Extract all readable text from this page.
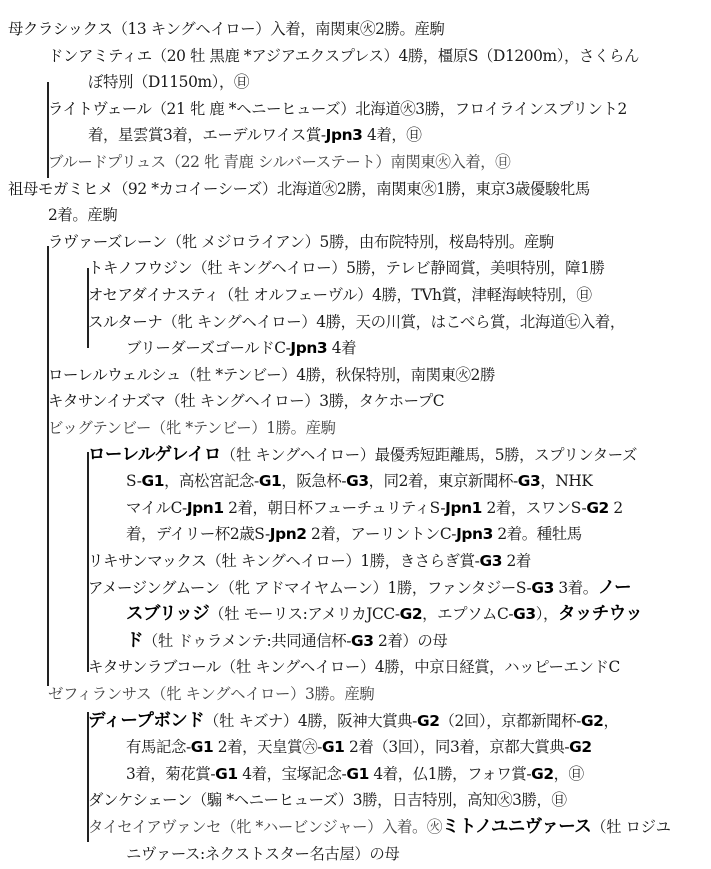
母クラシックス（13 キングヘイロー）入着，南関東㊋2勝。産駒
ドンアミティエ（20 牡 黒鹿 *アジアエクスプレス）4勝，橿原S（D1200m），さくらん
ぼ特別（D1150m），㊐
ライトヴェール（21 牝 鹿 *ヘニーヒューズ）北海道㊋3勝，フロイラインスプリント2
着，星雲賞3着，エーデルワイス賞-Jpn3 4着，㊐
ブルードプリュス（22 牝 青鹿 シルバーステート）南関東㊋入着，㊐
祖母モガミヒメ（92 *カコイーシーズ）北海道㊋2勝，南関東㊋1勝，東京3歳優駿牝馬
2着。産駒
ラヴァーズレーン（牝 メジロライアン）5勝，由布院特別，桜島特別。産駒
トキノフウジン（牡 キングヘイロー）5勝，テレビ静岡賞，美唄特別，障1勝
オセアダイナスティ（牡 オルフェーヴル）4勝，TVh賞，津軽海峡特別，㊐
スルターナ（牝 キングヘイロー）4勝，天の川賞，はこべら賞，北海道㊆入着，
ブリーダーズゴールドC-Jpn3 4着
ローレルウェルシュ（牡 *テンビー）4勝，秋保特別，南関東㊋2勝
キタサンイナズマ（牡 キングヘイロー）3勝，タケホープC
ビッグテンビー（牝 *テンビー）1勝。産駒
ローレルゲレイロ（牡 キングヘイロー）最優秀短距離馬，5勝，スプリンターズ
S-G1，高松宮記念-G1，阪急杯-G3，同2着，東京新聞杯-G3，NHK
マイルC-Jpn1 2着，朝日杯フューチュリティS-Jpn1 2着，スワンS-G2 2
着，デイリー杯2歳S-Jpn2 2着，アーリントンC-Jpn3 2着。種牡馬
リキサンマックス（牡 キングヘイロー）1勝，きさらぎ賞-G3 2着
アメージングムーン（牝 アドマイヤムーン）1勝，ファンタジーS-G3 3着。ノー
スブリッジ（牡 モーリス:アメリカJCC-G2，エプソムC-G3），タッチウッ
ド（牡 ドゥラメンテ:共同通信杯-G3 2着）の母
キタサンラブコール（牡 キングヘイロー）4勝，中京日経賞，ハッピーエンドC
ゼフィランサス（牝 キングヘイロー）3勝。産駒
ディープボンド（牡 キズナ）4勝，阪神大賞典-G2（2回），京都新聞杯-G2，
有馬記念-G1 2着，天皇賞㊅-G1 2着（3回），同3着，京都大賞典-G2
3着，菊花賞-G1 4着，宝塚記念-G1 4着，仏1勝，フォワ賞-G2，㊐
ダンケシェーン（騸 *ヘニーヒューズ）3勝，日吉特別，高知㊋3勝，㊐
タイセイアヴァンセ（牝 *ハービンジャー）入着。㊋ミトノユニヴァース（牡 ロジユ
ニヴァース:ネクストスター名古屋）の母
